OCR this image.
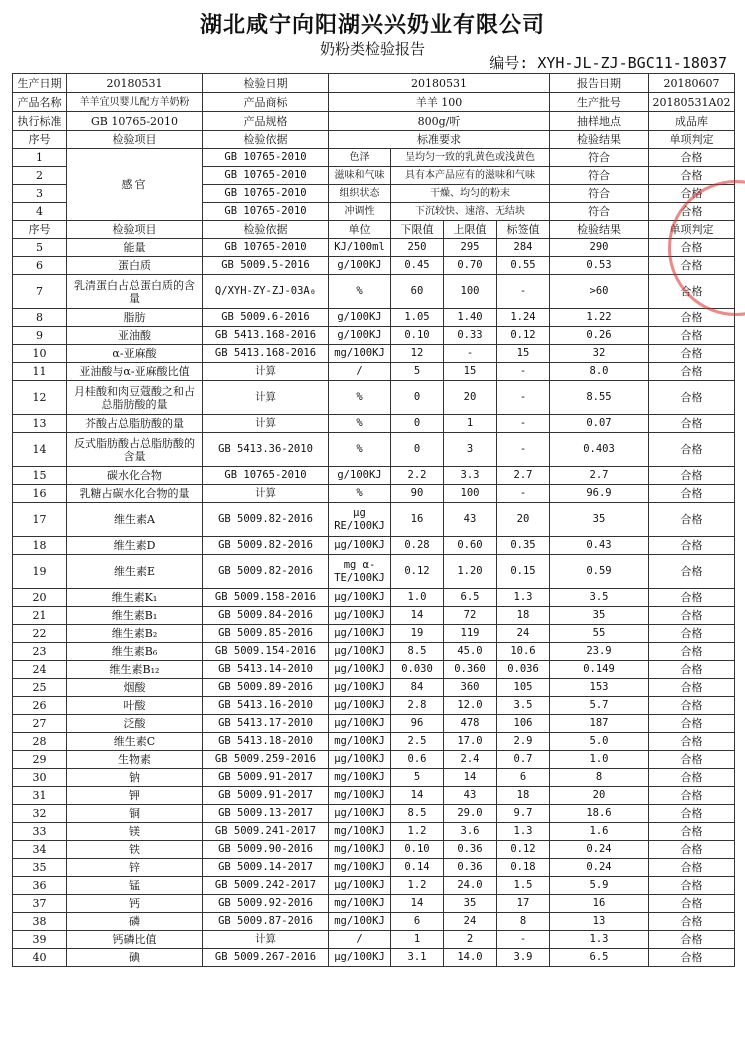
湖北咸宁向阳湖兴兴奶业有限公司
奶粉类检验报告
编号: XYH-JL-ZJ-BGC11-18037
生产日期	20180531	检验日期	20180531				报告日期	20180607
产品名称	羊羊宜贝婴儿配方羊奶粉	产品商标	羊羊 100				生产批号	20180531A02
执行标准	GB 10765-2010	产品规格	800g/听				抽样地点	成品库
序号	检验项目	检验依据	标准要求				检验结果	单项判定
1	感官	GB 10765-2010	色泽	呈均匀一致的乳黄色或浅黄色			符合	合格
2		GB 10765-2010	滋味和气味	具有本产品应有的滋味和气味			符合	合格
3		GB 10765-2010	组织状态	干燥、均匀的粉末			符合	合格
4		GB 10765-2010	冲调性	下沉较快、速溶、无结块			符合	合格
序号	检验项目	检验依据	单位	下限值	上限值	标签值	检验结果	单项判定
5	能量	GB 10765-2010	KJ/100ml	250	295	284	290	合格
6	蛋白质	GB 5009.5-2016	g/100KJ	0.45	0.70	0.55	0.53	合格
7	乳清蛋白占总蛋白质的含量	Q/XYH-ZY-ZJ-03A₀	%	60	100	-	>60	合格
8	脂肪	GB 5009.6-2016	g/100KJ	1.05	1.40	1.24	1.22	合格
9	亚油酸	GB 5413.168-2016	g/100KJ	0.10	0.33	0.12	0.26	合格
10	α-亚麻酸	GB 5413.168-2016	mg/100KJ	12	-	15	32	合格
11	亚油酸与α-亚麻酸比值	计算	/	5	15	-	8.0	合格
12	月桂酸和肉豆蔻酸之和占总脂肪酸的量	计算	%	0	20	-	8.55	合格
13	芥酸占总脂肪酸的量	计算	%	0	1	-	0.07	合格
14	反式脂肪酸占总脂肪酸的含量	GB 5413.36-2010	%	0	3	-	0.403	合格
15	碳水化合物	GB 10765-2010	g/100KJ	2.2	3.3	2.7	2.7	合格
16	乳糖占碳水化合物的量	计算	%	90	100	-	96.9	合格
17	维生素A	GB 5009.82-2016	μg RE/100KJ	16	43	20	35	合格
18	维生素D	GB 5009.82-2016	μg/100KJ	0.28	0.60	0.35	0.43	合格
19	维生素E	GB 5009.82-2016	mg α-TE/100KJ	0.12	1.20	0.15	0.59	合格
20	维生素K₁	GB 5009.158-2016	μg/100KJ	1.0	6.5	1.3	3.5	合格
21	维生素B₁	GB 5009.84-2016	μg/100KJ	14	72	18	35	合格
22	维生素B₂	GB 5009.85-2016	μg/100KJ	19	119	24	55	合格
23	维生素B₆	GB 5009.154-2016	μg/100KJ	8.5	45.0	10.6	23.9	合格
24	维生素B₁₂	GB 5413.14-2010	μg/100KJ	0.030	0.360	0.036	0.149	合格
25	烟酸	GB 5009.89-2016	μg/100KJ	84	360	105	153	合格
26	叶酸	GB 5413.16-2010	μg/100KJ	2.8	12.0	3.5	5.7	合格
27	泛酸	GB 5413.17-2010	μg/100KJ	96	478	106	187	合格
28	维生素C	GB 5413.18-2010	mg/100KJ	2.5	17.0	2.9	5.0	合格
29	生物素	GB 5009.259-2016	μg/100KJ	0.6	2.4	0.7	1.0	合格
30	钠	GB 5009.91-2017	mg/100KJ	5	14	6	8	合格
31	钾	GB 5009.91-2017	mg/100KJ	14	43	18	20	合格
32	铜	GB 5009.13-2017	μg/100KJ	8.5	29.0	9.7	18.6	合格
33	镁	GB 5009.241-2017	mg/100KJ	1.2	3.6	1.3	1.6	合格
34	铁	GB 5009.90-2016	mg/100KJ	0.10	0.36	0.12	0.24	合格
35	锌	GB 5009.14-2017	mg/100KJ	0.14	0.36	0.18	0.24	合格
36	锰	GB 5009.242-2017	μg/100KJ	1.2	24.0	1.5	5.9	合格
37	钙	GB 5009.92-2016	mg/100KJ	14	35	17	16	合格
38	磷	GB 5009.87-2016	mg/100KJ	6	24	8	13	合格
39	钙磷比值	计算	/	1	2	-	1.3	合格
40	碘	GB 5009.267-2016	μg/100KJ	3.1	14.0	3.9	6.5	合格
